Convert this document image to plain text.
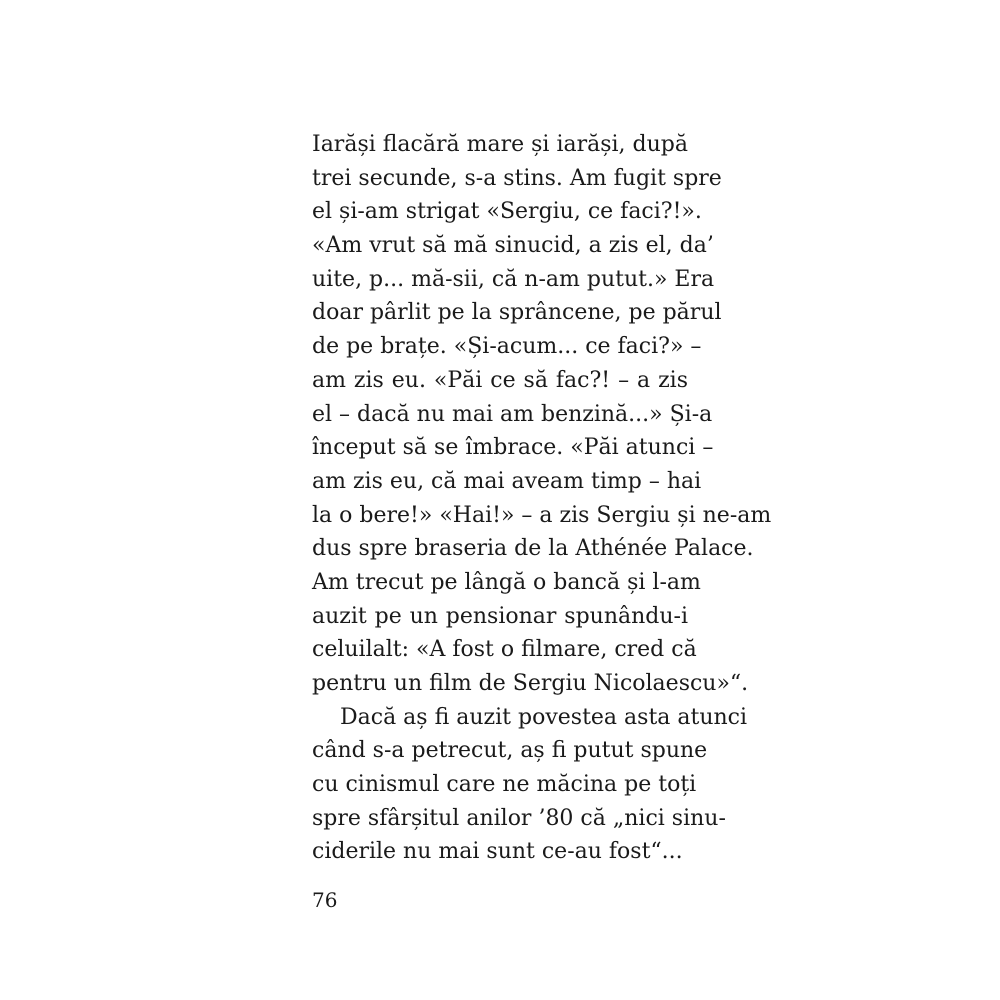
Iarăși flacără mare și iarăși, după
trei secunde, s-a stins. Am fugit spre
el și-am strigat «Sergiu, ce faci?!».
«Am vrut să mă sinucid, a zis el, da’
uite, p... mă-sii, că n-am putut.» Era
doar pârlit pe la sprâncene, pe părul
de pe brațe. «Și-acum... ce faci?» –
am zis eu. «Păi ce să fac?! – a zis
el – dacă nu mai am benzină...» Și-a
început să se îmbrace. «Păi atunci –
am zis eu, că mai aveam timp – hai
la o bere!» «Hai!» – a zis Sergiu și ne-am
dus spre braseria de la Athénée Palace.
Am trecut pe lângă o bancă și l-am
auzit pe un pensionar spunându-i
celuilalt: «A fost o filmare, cred că
pentru un film de Sergiu Nicolaescu»“.
Dacă aș fi auzit povestea asta atunci
când s-a petrecut, aș fi putut spune
cu cinismul care ne măcina pe toți
spre sfârșitul anilor ’80 că „nici sinu-
ciderile nu mai sunt ce-au fost“...
76
